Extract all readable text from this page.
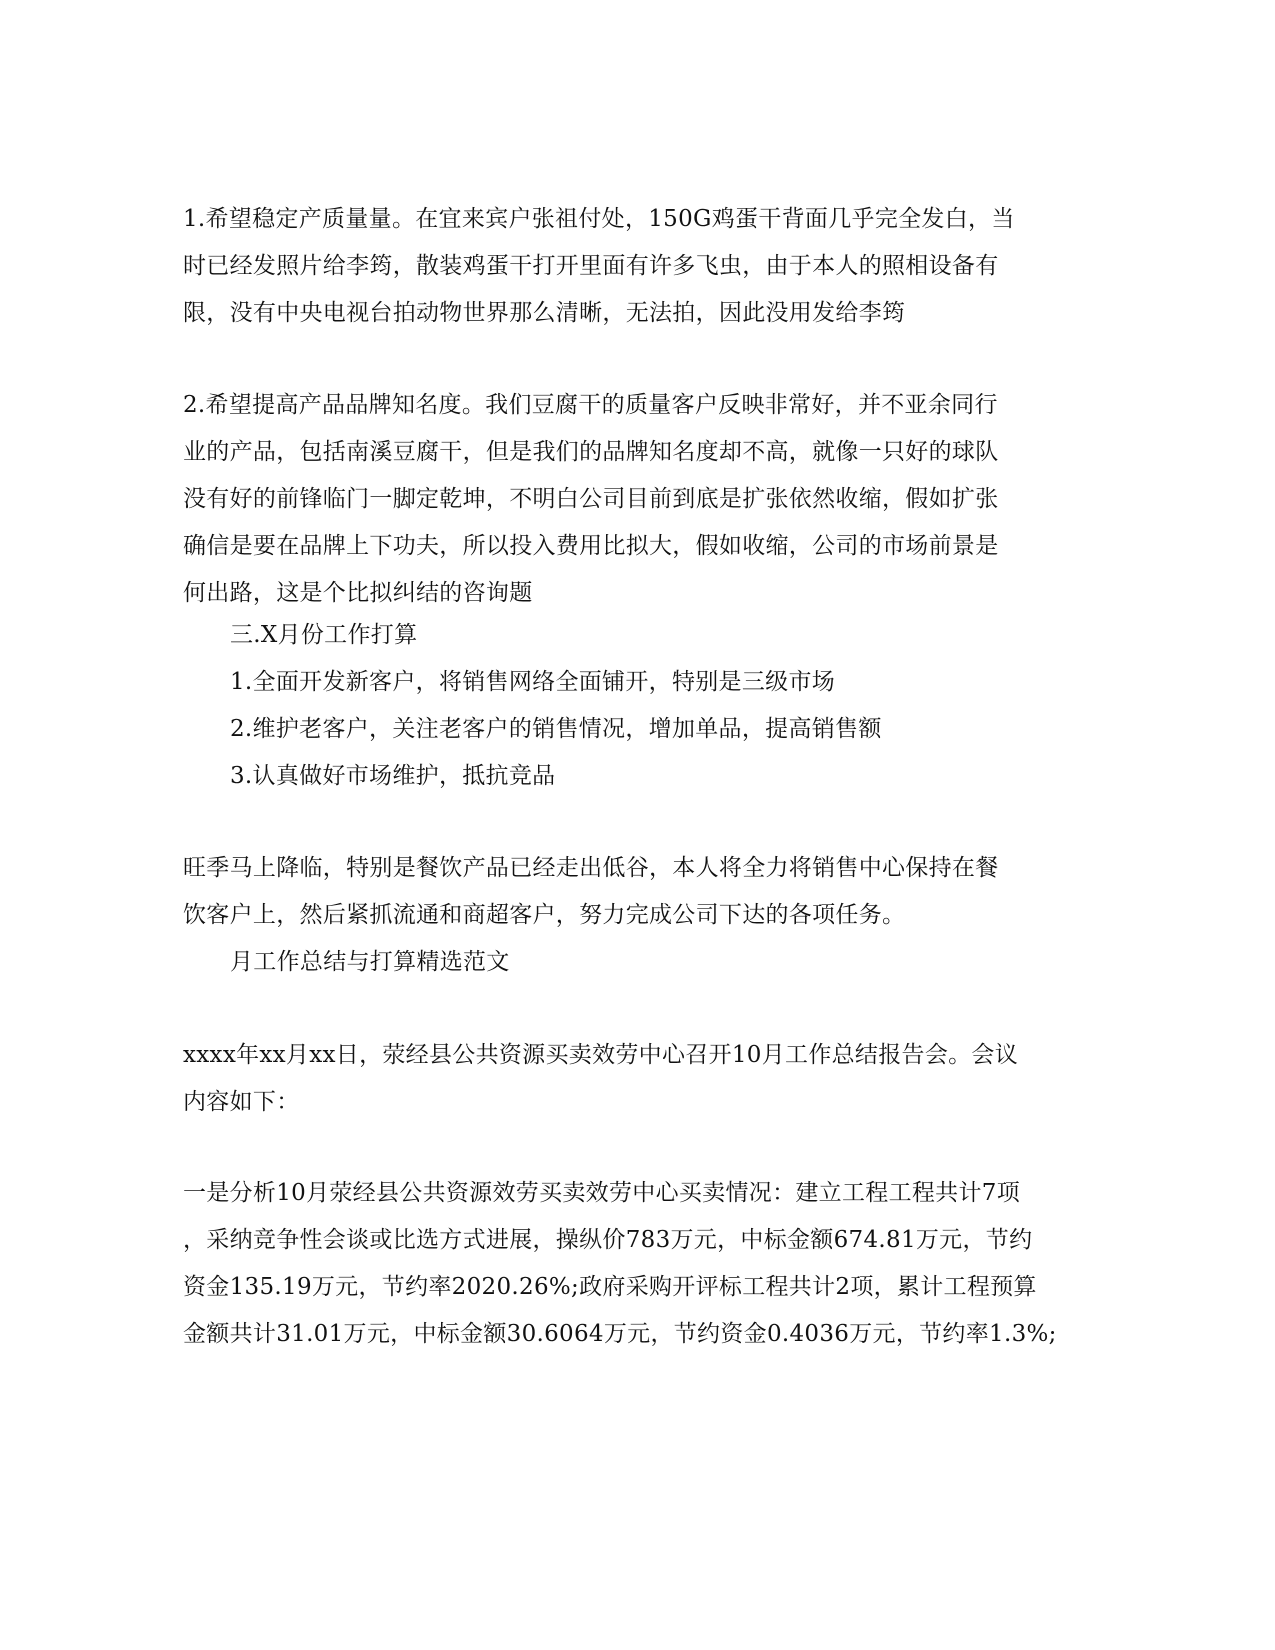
1.希望稳定产质量量。在宜来宾户张祖付处，150G鸡蛋干背面几乎完全发白，当
时已经发照片给李筠，散装鸡蛋干打开里面有许多飞虫，由于本人的照相设备有
限，没有中央电视台拍动物世界那么清晰，无法拍，因此没用发给李筠
2.希望提高产品品牌知名度。我们豆腐干的质量客户反映非常好，并不亚余同行
业的产品，包括南溪豆腐干，但是我们的品牌知名度却不高，就像一只好的球队
没有好的前锋临门一脚定乾坤，不明白公司目前到底是扩张依然收缩，假如扩张
确信是要在品牌上下功夫，所以投入费用比拟大，假如收缩，公司的市场前景是
何出路，这是个比拟纠结的咨询题
三.X月份工作打算
1.全面开发新客户，将销售网络全面铺开，特别是三级市场
2.维护老客户，关注老客户的销售情况，增加单品，提高销售额
3.认真做好市场维护，抵抗竞品
旺季马上降临，特别是餐饮产品已经走出低谷，本人将全力将销售中心保持在餐
饮客户上，然后紧抓流通和商超客户，努力完成公司下达的各项任务。
月工作总结与打算精选范文
xxxx年xx月xx日，荥经县公共资源买卖效劳中心召开10月工作总结报告会。会议
内容如下：
一是分析10月荥经县公共资源效劳买卖效劳中心买卖情况：建立工程工程共计7项
，采纳竞争性会谈或比选方式进展，操纵价783万元，中标金额674.81万元，节约
资金135.19万元，节约率2020.26%;政府采购开评标工程共计2项，累计工程预算
金额共计31.01万元，中标金额30.6064万元，节约资金0.4036万元，节约率1.3%;
